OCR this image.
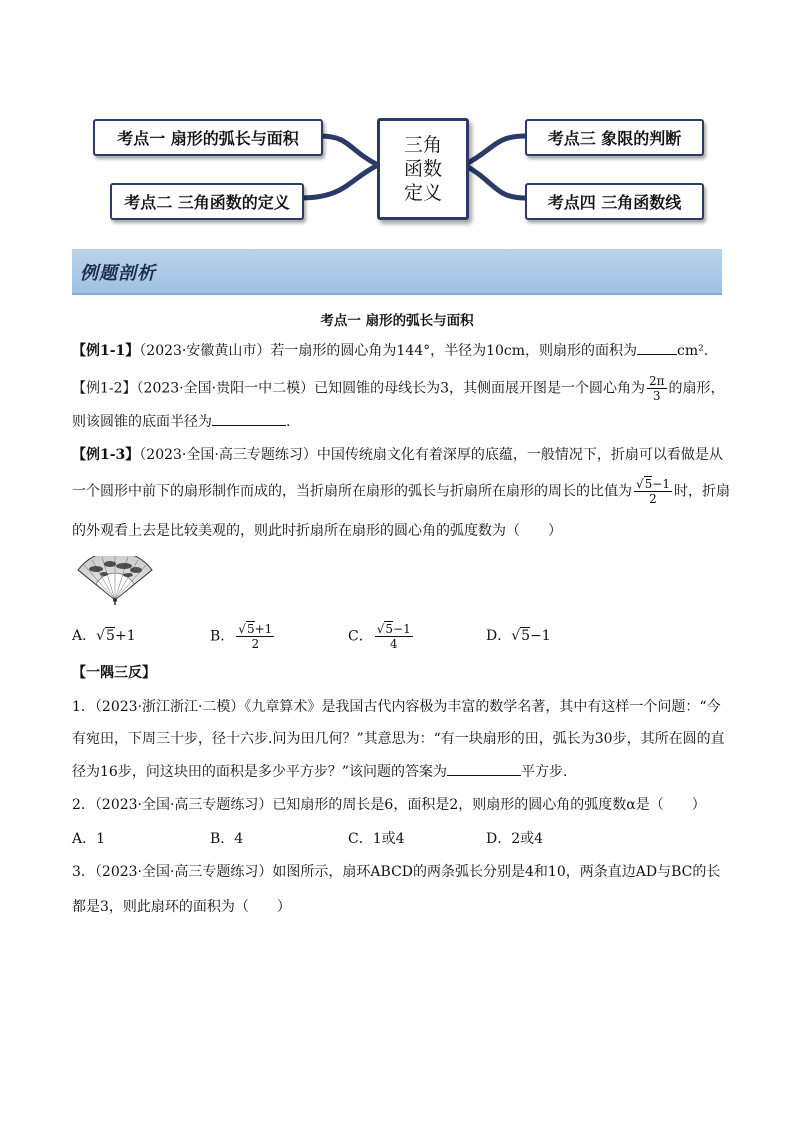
考点一 扇形的弧长与面积
考点二 三角函数的定义
三角
函数
定义
考点三 象限的判断
考点四 三角函数线
例题剖析
考点一 扇形的弧长与面积
【例1-1】（2023·安徽黄山市）若一扇形的圆心角为144°，半径为10cm，则扇形的面积为	cm².
【例1-2】（2023·全国·贵阳一中二模）已知圆锥的母线长为3，其侧面展开图是一个圆心角为 $\frac{2\pi}{3}$ 的扇形，
则该圆锥的底面半径为	.
【例1-3】（2023·全国·高三专题练习）中国传统扇文化有着深厚的底蕴，一般情况下，折扇可以看做是从
一个圆形中前下的扇形制作而成的，当折扇所在扇形的弧长与折扇所在扇形的周长的比值为 $\frac{√5-1}{2}$ 时，折扇
的外观看上去是比较美观的，则此时折扇所在扇形的圆心角的弧度数为（　　）
A．√5+1	B． $\frac{√5+1}{2}$	C． $\frac{√5-1}{4}$	D．√5−1
【一隅三反】
1．（2023·浙江浙江·二模）《九章算术》是我国古代内容极为丰富的数学名著，其中有这样一个问题：“今
有宛田，下周三十步，径十六步.问为田几何？”其意思为：“有一块扇形的田，弧长为30步，其所在圆的直
径为16步，问这块田的面积是多少平方步？”该问题的答案为	平方步.
2．（2023·全国·高三专题练习）已知扇形的周长是6，面积是2，则扇形的圆心角的弧度数α是（　　）
A．1	B．4	C．1或4	D．2或4
3．（2023·全国·高三专题练习）如图所示，扇环ABCD的两条弧长分别是4和10，两条直边AD与BC的长
都是3，则此扇环的面积为（　　）
